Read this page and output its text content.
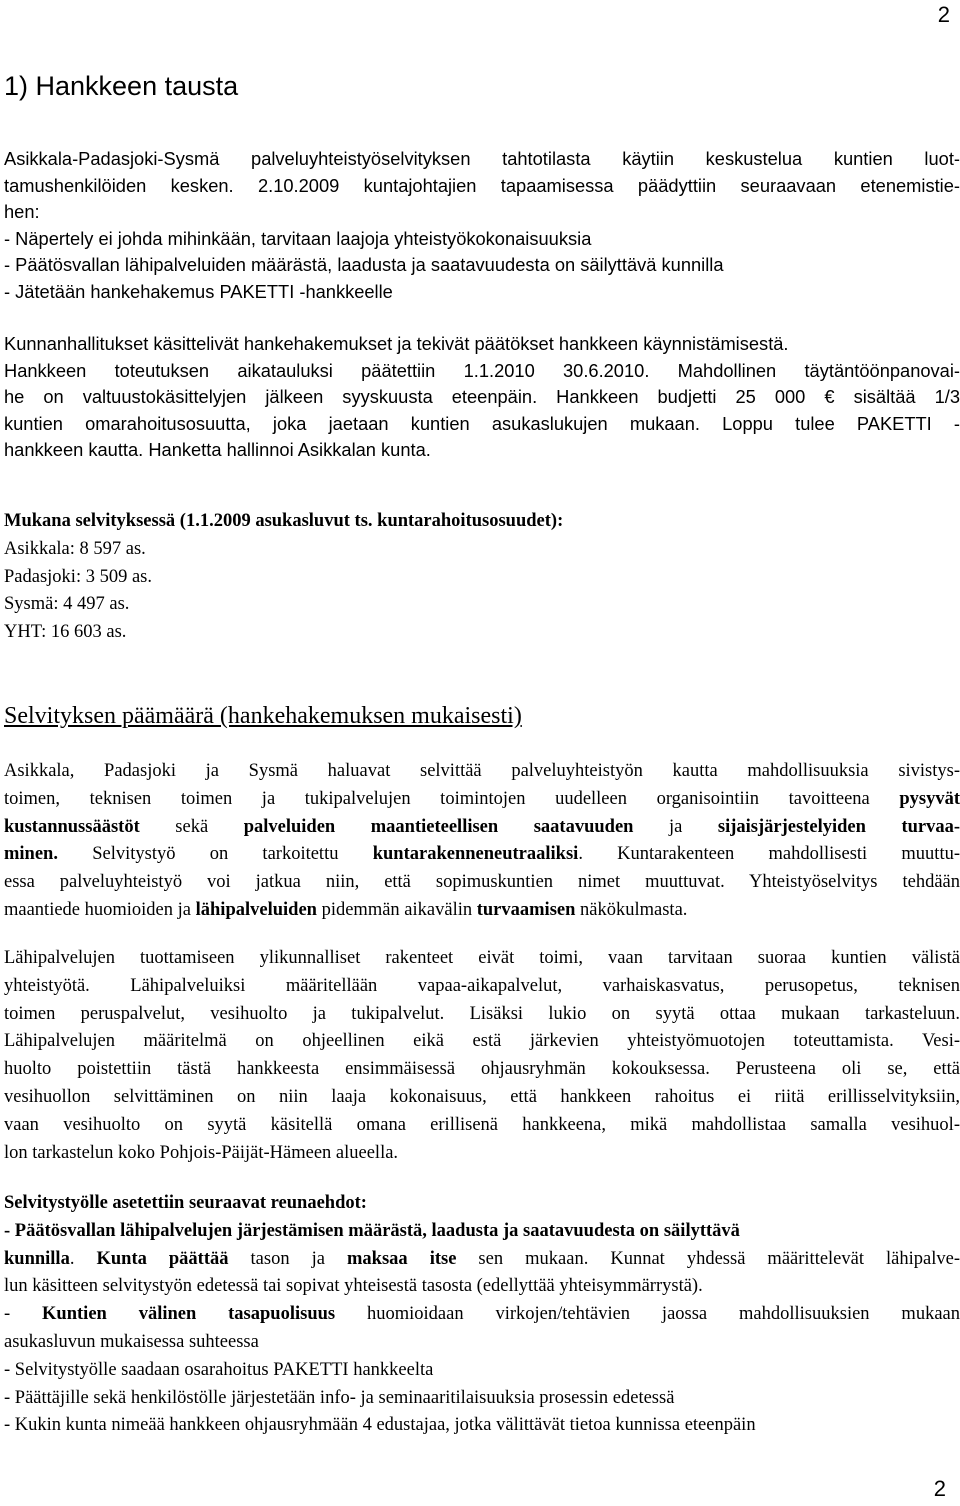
2
1) Hankkeen tausta
Asikkala-Padasjoki-Sysmä palveluyhteistyöselvityksen tahtotilasta käytiin keskustelua kuntien luot-
tamushenkilöiden kesken. 2.10.2009 kuntajohtajien tapaamisessa päädyttiin seuraavaan etenemistie-
hen:
- Näpertely ei johda mihinkään, tarvitaan laajoja yhteistyökokonaisuuksia
- Päätösvallan lähipalveluiden määrästä, laadusta ja saatavuudesta on säilyttävä kunnilla
- Jätetään hankehakemus PAKETTI -hankkeelle
Kunnanhallitukset käsittelivät hankehakemukset ja tekivät päätökset hankkeen käynnistämisestä.
Hankkeen toteutuksen aikatauluksi päätettiin 1.1.2010 30.6.2010. Mahdollinen täytäntöönpanovai-
he on valtuustokäsittelyjen jälkeen syyskuusta eteenpäin. Hankkeen budjetti 25 000 € sisältää 1/3
kuntien omarahoitusosuutta, joka jaetaan kuntien asukaslukujen mukaan. Loppu tulee PAKETTI -
hankkeen kautta. Hanketta hallinnoi Asikkalan kunta.
Mukana selvityksessä (1.1.2009 asukasluvut ts. kuntarahoitusosuudet):
Asikkala: 8 597 as.
Padasjoki: 3 509 as.
Sysmä: 4 497 as.
YHT: 16 603 as.
Selvityksen päämäärä (hankehakemuksen mukaisesti)
Asikkala, Padasjoki ja Sysmä haluavat selvittää palveluyhteistyön kautta mahdollisuuksia sivistys-
toimen, teknisen toimen ja tukipalvelujen toimintojen uudelleen organisointiin tavoitteena pysyvät
kustannussäästöt sekä palveluiden maantieteellisen saatavuuden ja sijaisjärjestelyiden turvaa-
minen. Selvitystyö on tarkoitettu kuntarakenneneutraaliksi. Kuntarakenteen mahdollisesti muuttu-
essa palveluyhteistyö voi jatkua niin, että sopimuskuntien nimet muuttuvat. Yhteistyöselvitys tehdään
maantiede huomioiden ja lähipalveluiden pidemmän aikavälin turvaamisen näkökulmasta.
Lähipalvelujen tuottamiseen ylikunnalliset rakenteet eivät toimi, vaan tarvitaan suoraa kuntien välistä
yhteistyötä. Lähipalveluiksi määritellään vapaa-aikapalvelut, varhaiskasvatus, perusopetus, teknisen
toimen peruspalvelut, vesihuolto ja tukipalvelut. Lisäksi lukio on syytä ottaa mukaan tarkasteluun.
Lähipalvelujen määritelmä on ohjeellinen eikä estä järkevien yhteistyömuotojen toteuttamista. Vesi-
huolto poistettiin tästä hankkeesta ensimmäisessä ohjausryhmän kokouksessa. Perusteena oli se, että
vesihuollon selvittäminen on niin laaja kokonaisuus, että hankkeen rahoitus ei riitä erillisselvityksiin,
vaan vesihuolto on syytä käsitellä omana erillisenä hankkeena, mikä mahdollistaa samalla vesihuol-
lon tarkastelun koko Pohjois-Päijät-Hämeen alueella.
Selvitystyölle asetettiin seuraavat reunaehdot:
- Päätösvallan lähipalvelujen järjestämisen määrästä, laadusta ja saatavuudesta on säilyttävä
kunnilla. Kunta päättää tason ja maksaa itse sen mukaan. Kunnat yhdessä määrittelevät lähipalve-
lun käsitteen selvitystyön edetessä tai sopivat yhteisestä tasosta (edellyttää yhteisymmärrystä).
- Kuntien välinen tasapuolisuus huomioidaan virkojen/tehtävien jaossa mahdollisuuksien mukaan
asukasluvun mukaisessa suhteessa
- Selvitystyölle saadaan osarahoitus PAKETTI hankkeelta
- Päättäjille sekä henkilöstölle järjestetään info- ja seminaaritilaisuuksia prosessin edetessä
- Kukin kunta nimeää hankkeen ohjausryhmään 4 edustajaa, jotka välittävät tietoa kunnissa eteenpäin
2
